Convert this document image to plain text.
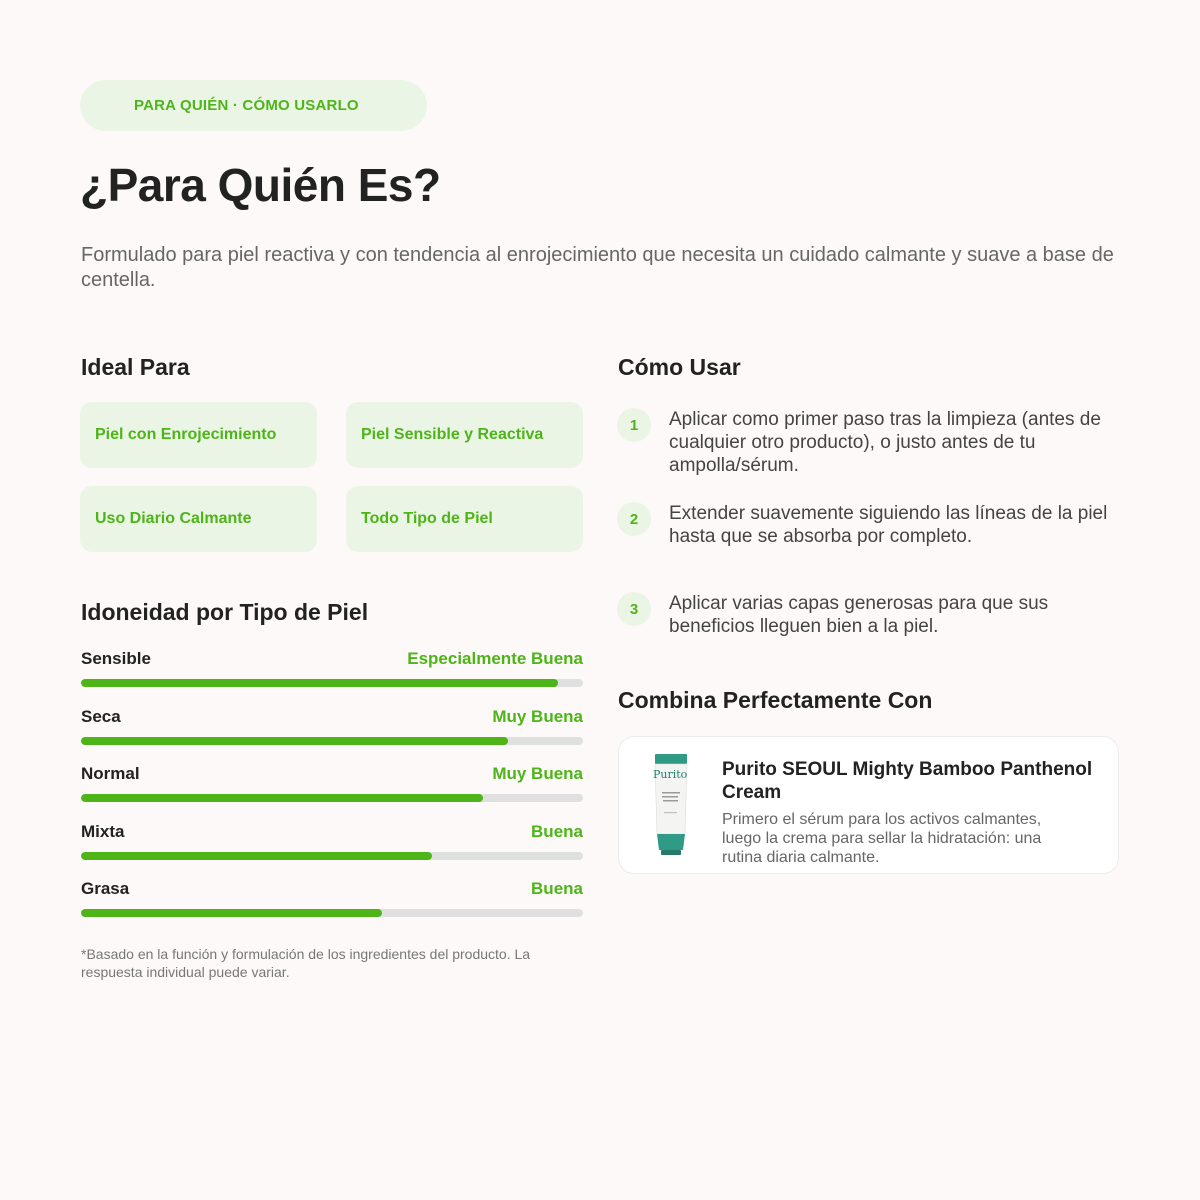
PARA QUIÉN · CÓMO USARLO
¿Para Quién Es?

Formulado para piel reactiva y con tendencia al enrojecimiento que necesita un cuidado calmante y suave a base de centella.

Ideal Para
Piel con Enrojecimiento	Piel Sensible y Reactiva
Uso Diario Calmante	Todo Tipo de Piel
Idoneidad por Tipo de Piel
Sensible	Especialmente Buena
Seca	Muy Buena
Normal	Muy Buena
Mixta	Buena
Grasa	Buena

*Basado en la función y formulación de los ingredientes del producto. La respuesta individual puede variar.

Cómo Usar
1	Aplicar como primer paso tras la limpieza (antes de cualquier otro producto), o justo antes de tu ampolla/sérum.

2	Extender suavemente siguiendo las líneas de la piel hasta que se absorba por completo.

3	Aplicar varias capas generosas para que sus beneficios lleguen bien a la piel.

Combina Perfectamente Con
Purito Purito SEOUL Mighty Bamboo Panthenol Cream

Primero el sérum para los activos calmantes, luego la crema para sellar la hidratación: una rutina diaria calmante.
